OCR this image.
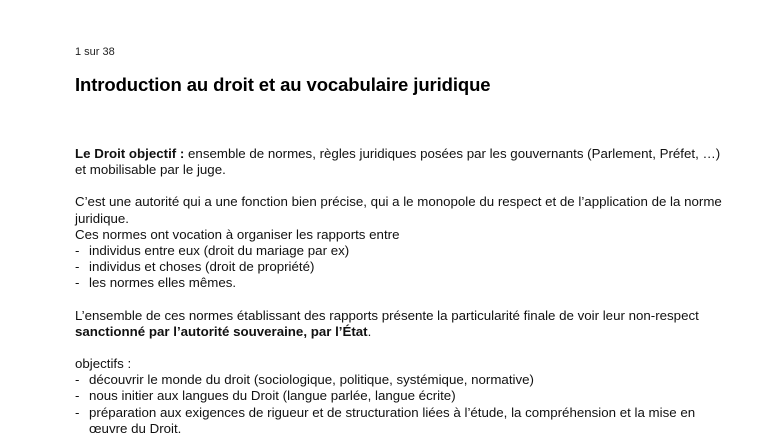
1 sur 38
Introduction au droit et au vocabulaire juridique

Le Droit objectif : ensemble de normes, règles juridiques posées par les gouvernants (Parlement, Préfet, …) et mobilisable par le juge.

C’est une autorité qui a une fonction bien précise, qui a le monopole du respect et de l’application de la norme juridique.

Ces normes ont vocation à organiser les rapports entre

- individus entre eux (droit du mariage par ex)
- individus et choses (droit de propriété)
- les normes elles mêmes.

L’ensemble de ces normes établissant des rapports présente la particularité finale de voir leur non-respect sanctionné par l’autorité souveraine, par l’État.

objectifs :

- découvrir le monde du droit (sociologique, politique, systémique, normative)
- nous initier aux langues du Droit (langue parlée, langue écrite)
- préparation aux exigences de rigueur et de structuration liées à l’étude, la compréhension et la mise en œuvre du Droit.
